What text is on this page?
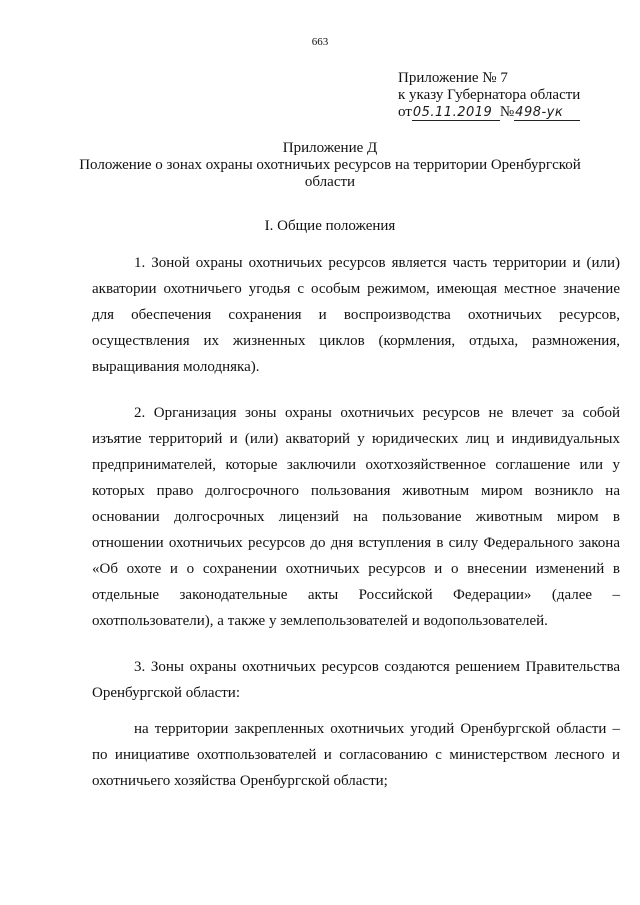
663
Приложение № 7
к указу Губернатора области
от05.11.2019 №498-ук
Приложение Д
Положение о зонах охраны охотничьих ресурсов на территории Оренбургской области
I. Общие положения

1. Зоной охраны охотничьих ресурсов является часть территории и (или) акватории охотничьего угодья с особым режимом, имеющая местное значение для обеспечения сохранения и воспроизводства охотничьих ресурсов, осуществления их жизненных циклов (кормления, отдыха, размножения, выращивания молодняка).

2. Организация зоны охраны охотничьих ресурсов не влечет за собой изъятие территорий и (или) акваторий у юридических лиц и индивидуальных предпринимателей, которые заключили охотхозяйственное соглашение или у которых право долгосрочного пользования животным миром возникло на основании долгосрочных лицензий на пользование животным миром в отношении охотничьих ресурсов до дня вступления в силу Федерального закона «Об охоте и о сохранении охотничьих ресурсов и о внесении изменений в отдельные законодательные акты Российской Федерации» (далее – охотпользователи), а также у землепользователей и водопользователей.

3. Зоны охраны охотничьих ресурсов создаются решением Правительства Оренбургской области:

на территории закрепленных охотничьих угодий Оренбургской области – по инициативе охотпользователей и согласованию с министерством лесного и охотничьего хозяйства Оренбургской области;
